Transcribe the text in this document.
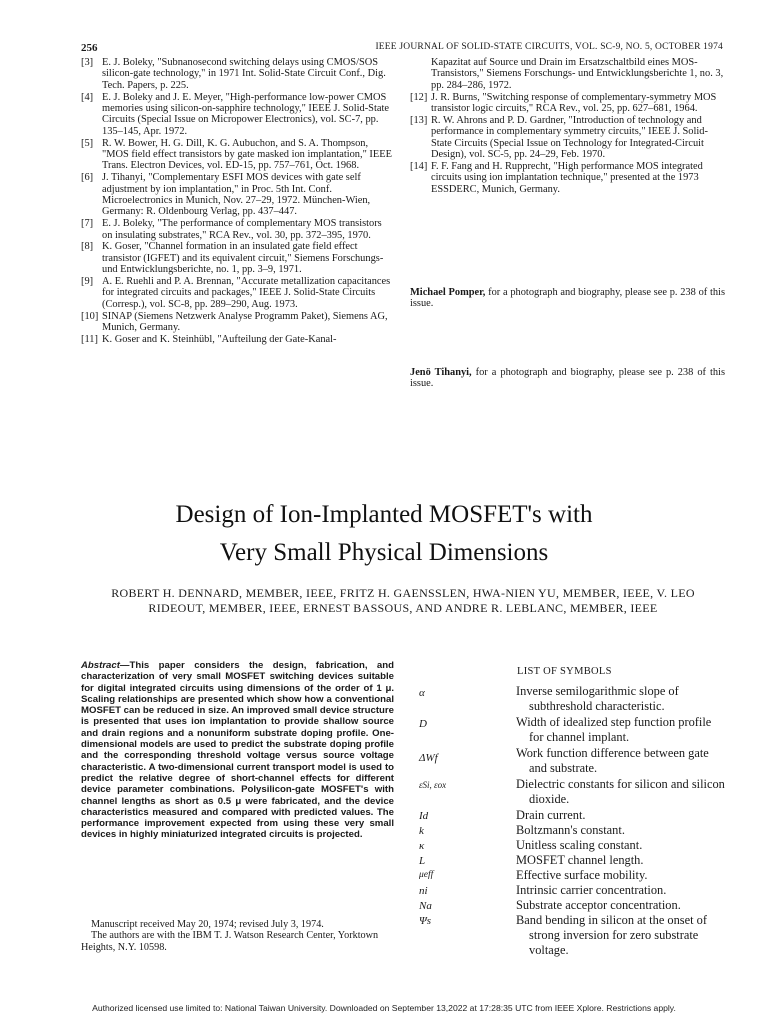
256	IEEE JOURNAL OF SOLID-STATE CIRCUITS, VOL. SC-9, NO. 5, OCTOBER 1974
[3] E. J. Boleky, "Subnanosecond switching delays using CMOS/SOS silicon-gate technology," in 1971 Int. Solid-State Circuit Conf., Dig. Tech. Papers, p. 225.
[4] E. J. Boleky and J. E. Meyer, "High-performance low-power CMOS memories using silicon-on-sapphire technology," IEEE J. Solid-State Circuits (Special Issue on Micropower Electronics), vol. SC-7, pp. 135–145, Apr. 1972.
[5] R. W. Bower, H. G. Dill, K. G. Aubuchon, and S. A. Thompson, "MOS field effect transistors by gate masked ion implantation," IEEE Trans. Electron Devices, vol. ED-15, pp. 757–761, Oct. 1968.
[6] J. Tihanyi, "Complementary ESFI MOS devices with gate self adjustment by ion implantation," in Proc. 5th Int. Conf. Microelectronics in Munich, Nov. 27–29, 1972. München-Wien, Germany: R. Oldenbourg Verlag, pp. 437–447.
[7] E. J. Boleky, "The performance of complementary MOS transistors on insulating substrates," RCA Rev., vol. 30, pp. 372–395, 1970.
[8] K. Goser, "Channel formation in an insulated gate field effect transistor (IGFET) and its equivalent circuit," Siemens Forschungs- und Entwicklungsberichte, no. 1, pp. 3–9, 1971.
[9] A. E. Ruehli and P. A. Brennan, "Accurate metallization capacitances for integrated circuits and packages," IEEE J. Solid-State Circuits (Corresp.), vol. SC-8, pp. 289–290, Aug. 1973.
[10] SINAP (Siemens Netzwerk Analyse Programm Paket), Siemens AG, Munich, Germany.
[11] K. Goser and K. Steinhübl, "Aufteilung der Gate-Kanal-
Kapazitat auf Source und Drain im Ersatzschaltbild eines MOS-Transistors," Siemens Forschungs- und Entwicklungsberichte 1, no. 3, pp. 284–286, 1972.
[12] J. R. Burns, "Switching response of complementary-symmetry MOS transistor logic circuits," RCA Rev., vol. 25, pp. 627–681, 1964.
[13] R. W. Ahrons and P. D. Gardner, "Introduction of technology and performance in complementary symmetry circuits," IEEE J. Solid-State Circuits (Special Issue on Technology for Integrated-Circuit Design), vol. SC-5, pp. 24–29, Feb. 1970.
[14] F. F. Fang and H. Rupprecht, "High performance MOS integrated circuits using ion implantation technique," presented at the 1973 ESSDERC, Munich, Germany.
Michael Pomper, for a photograph and biography, please see p. 238 of this issue.
Jenö Tihanyi, for a photograph and biography, please see p. 238 of this issue.
Design of Ion-Implanted MOSFET's with
Very Small Physical Dimensions
ROBERT H. DENNARD, MEMBER, IEEE, FRITZ H. GAENSSLEN, HWA-NIEN YU, MEMBER, IEEE, V. LEO
RIDEOUT, MEMBER, IEEE, ERNEST BASSOUS, AND ANDRE R. LEBLANC, MEMBER, IEEE
Abstract—This paper considers the design, fabrication, and characterization of very small MOSFET switching devices suitable for digital integrated circuits using dimensions of the order of 1 μ. Scaling relationships are presented which show how a conventional MOSFET can be reduced in size. An improved small device structure is presented that uses ion implantation to provide shallow source and drain regions and a nonuniform substrate doping profile. One-dimensional models are used to predict the substrate doping profile and the corresponding threshold voltage versus source voltage characteristic. A two-dimensional current transport model is used to predict the relative degree of short-channel effects for different device parameter combinations. Polysilicon-gate MOSFET's with channel lengths as short as 0.5 μ were fabricated, and the device characteristics measured and compared with predicted values. The performance improvement expected from using these very small devices in highly miniaturized integrated circuits is projected.
Manuscript received May 20, 1974; revised July 3, 1974.
The authors are with the IBM T. J. Watson Research Center, Yorktown Heights, N.Y. 10598.
LIST OF SYMBOLS
α	Inverse semilogarithmic slope of subthreshold characteristic.
D	Width of idealized step function profile for channel implant.
ΔWf	Work function difference between gate and substrate.
εSi, εox	Dielectric constants for silicon and silicon dioxide.
Id	Drain current.
k	Boltzmann's constant.
κ	Unitless scaling constant.
L	MOSFET channel length.
μeff	Effective surface mobility.
ni	Intrinsic carrier concentration.
Na	Substrate acceptor concentration.
Ψs	Band bending in silicon at the onset of strong inversion for zero substrate voltage.
Authorized licensed use limited to: National Taiwan University. Downloaded on September 13,2022 at 17:28:35 UTC from IEEE Xplore. Restrictions apply.
